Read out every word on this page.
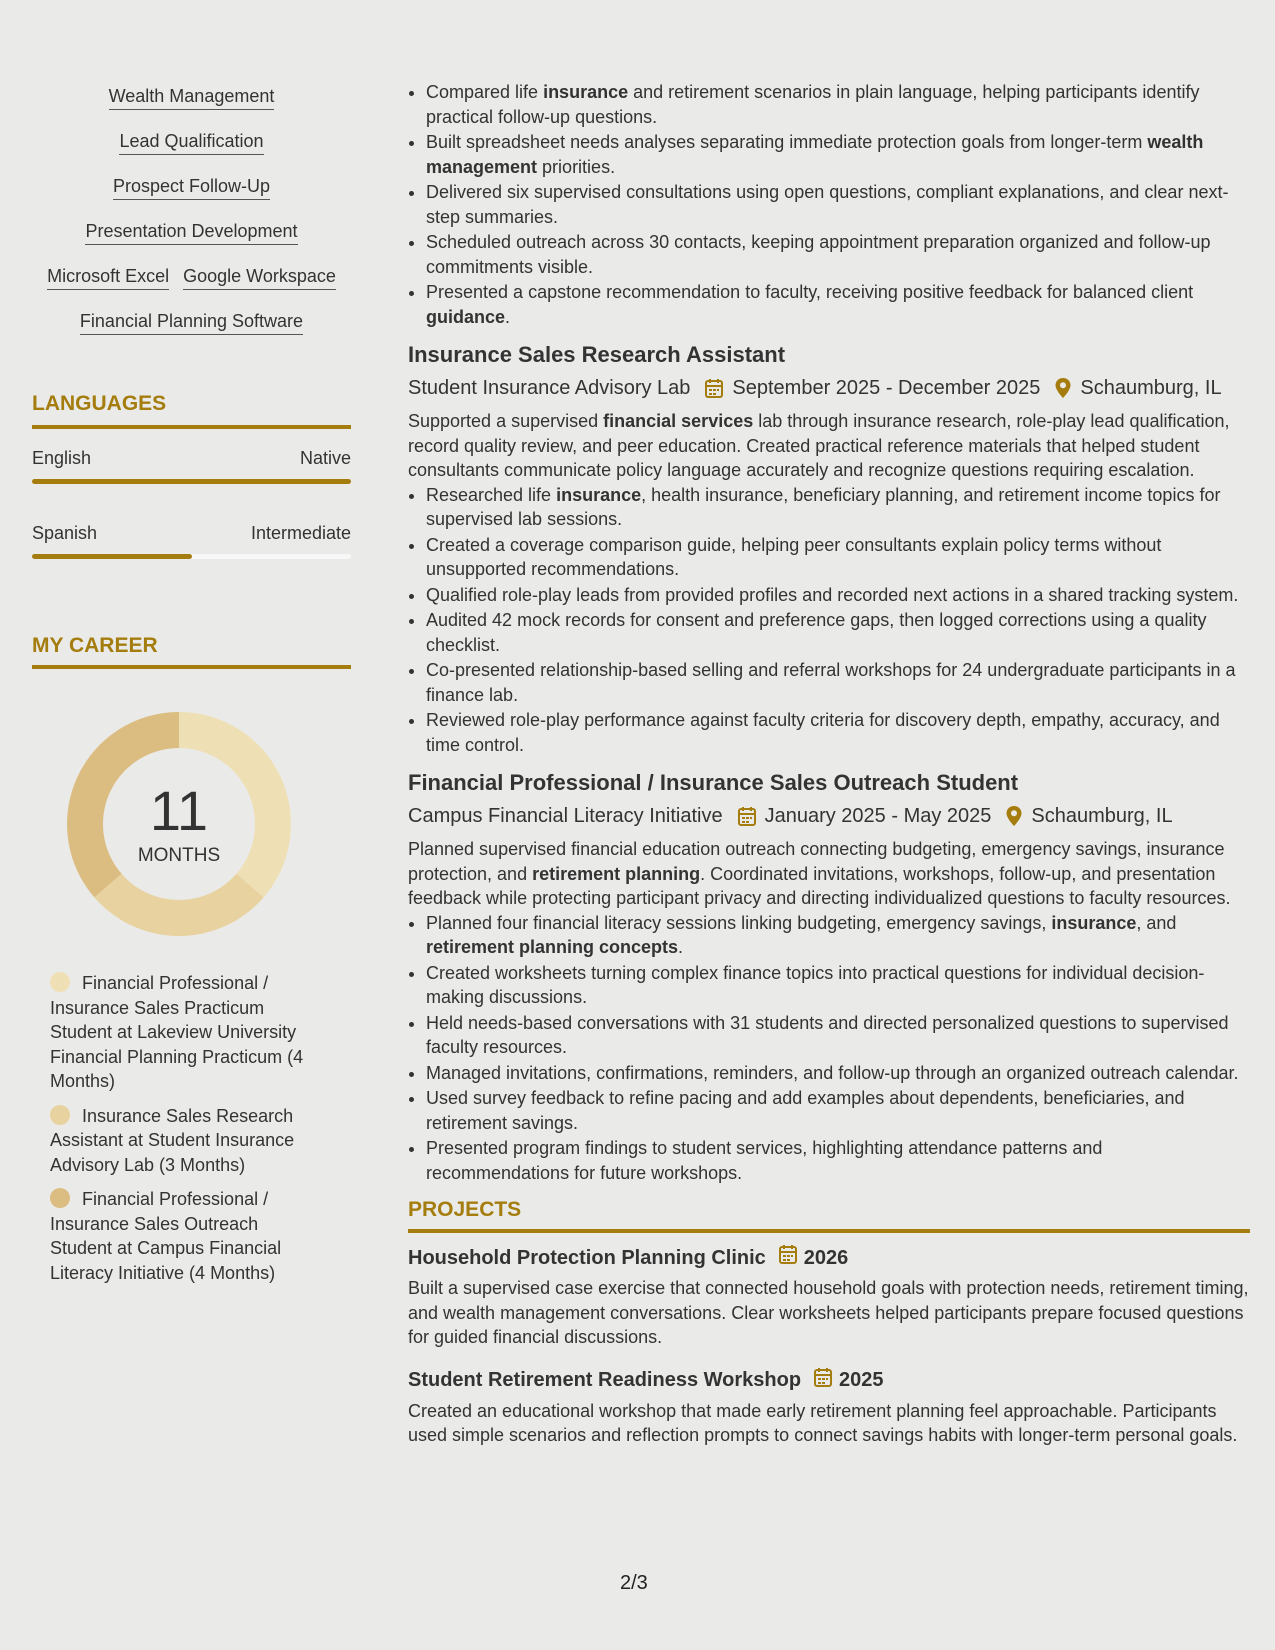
Wealth Management
Lead Qualification
Prospect Follow-Up
Presentation Development
Microsoft Excel Google Workspace
Financial Planning Software
LANGUAGES
English	Native
Spanish	Intermediate
MY CAREER
11
MONTHS
Financial Professional / Insurance Sales Practicum Student at Lakeview University Financial Planning Practicum (4 Months)
Insurance Sales Research Assistant at Student Insurance Advisory Lab (3 Months)
Financial Professional / Insurance Sales Outreach Student at Campus Financial Literacy Initiative (4 Months)
• Compared life insurance and retirement scenarios in plain language, helping participants identify practical follow-up questions.
• Built spreadsheet needs analyses separating immediate protection goals from longer-term wealth management priorities.
• Delivered six supervised consultations using open questions, compliant explanations, and clear next-step summaries.
• Scheduled outreach across 30 contacts, keeping appointment preparation organized and follow-up commitments visible.
• Presented a capstone recommendation to faculty, receiving positive feedback for balanced client guidance.
Insurance Sales Research Assistant
Student Insurance Advisory Lab September 2025 - December 2025 Schaumburg, IL
Supported a supervised financial services lab through insurance research, role-play lead qualification, record quality review, and peer education. Created practical reference materials that helped student consultants communicate policy language accurately and recognize questions requiring escalation.
• Researched life insurance, health insurance, beneficiary planning, and retirement income topics for supervised lab sessions.
• Created a coverage comparison guide, helping peer consultants explain policy terms without unsupported recommendations.
• Qualified role-play leads from provided profiles and recorded next actions in a shared tracking system.
• Audited 42 mock records for consent and preference gaps, then logged corrections using a quality checklist.
• Co-presented relationship-based selling and referral workshops for 24 undergraduate participants in a finance lab.
• Reviewed role-play performance against faculty criteria for discovery depth, empathy, accuracy, and time control.
Financial Professional / Insurance Sales Outreach Student
Campus Financial Literacy Initiative January 2025 - May 2025 Schaumburg, IL
Planned supervised financial education outreach connecting budgeting, emergency savings, insurance protection, and retirement planning. Coordinated invitations, workshops, follow-up, and presentation feedback while protecting participant privacy and directing individualized questions to faculty resources.
• Planned four financial literacy sessions linking budgeting, emergency savings, insurance, and retirement planning concepts.
• Created worksheets turning complex finance topics into practical questions for individual decision-making discussions.
• Held needs-based conversations with 31 students and directed personalized questions to supervised faculty resources.
• Managed invitations, confirmations, reminders, and follow-up through an organized outreach calendar.
• Used survey feedback to refine pacing and add examples about dependents, beneficiaries, and retirement savings.
• Presented program findings to student services, highlighting attendance patterns and recommendations for future workshops.
PROJECTS
Household Protection Planning Clinic 2026
Built a supervised case exercise that connected household goals with protection needs, retirement timing, and wealth management conversations. Clear worksheets helped participants prepare focused questions for guided financial discussions.
Student Retirement Readiness Workshop 2025
Created an educational workshop that made early retirement planning feel approachable. Participants used simple scenarios and reflection prompts to connect savings habits with longer-term personal goals.
2/3
